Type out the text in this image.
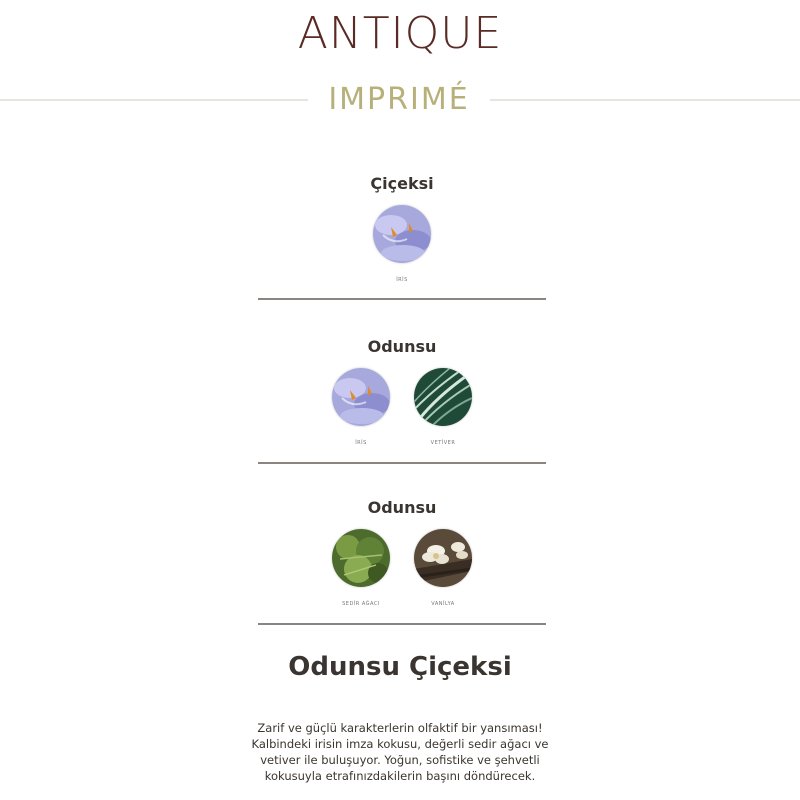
ANTIQUE
IMPRIMÉ
Çiçeksi
İRİS
Odunsu
İRİS	VETİVER
Odunsu
SEDİR AĞACI	VANİLYA
Odunsu Çiçeksi
Zarif ve güçlü karakterlerin olfaktif bir yansıması!
Kalbindeki irisin imza kokusu, değerli sedir ağacı ve
vetiver ile buluşuyor. Yoğun, sofistike ve şehvetli
kokusuyla etrafınızdakilerin başını döndürecek.
